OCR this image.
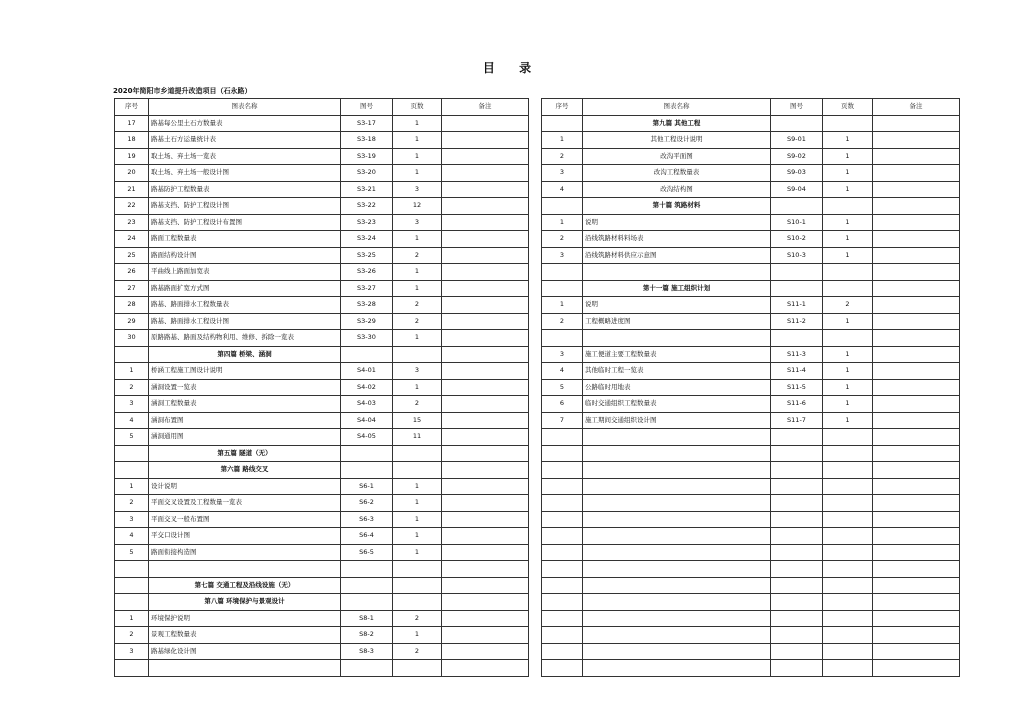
目 录
2020年简阳市乡道提升改造项目（石永路）
序号	图表名称	图号	页数	备注
17	路基每公里土石方数量表	S3-17	1	
18	路基土石方运量统计表	S3-18	1	
19	取土场、弃土场一览表	S3-19	1	
20	取土场、弃土场一般设计图	S3-20	1	
21	路基防护工程数量表	S3-21	3	
22	路基支挡、防护工程设计图	S3-22	12	
23	路基支挡、防护工程设计布置图	S3-23	3	
24	路面工程数量表	S3-24	1	
25	路面结构设计图	S3-25	2	
26	平曲线上路面加宽表	S3-26	1	
27	路基路面扩宽方式图	S3-27	1	
28	路基、路面排水工程数量表	S3-28	2	
29	路基、路面排水工程设计图	S3-29	2	
30	原路路基、路面及结构物利用、维修、拆除一览表	S3-30	1	
	第四篇 桥梁、涵洞			
1	桥涵工程施工图设计说明	S4-01	3	
2	涵洞设置一览表	S4-02	1	
3	涵洞工程数量表	S4-03	2	
4	涵洞布置图	S4-04	15	
5	涵洞通用图	S4-05	11	
	第五篇 隧道（无）			
	第六篇 路线交叉			
1	设计说明	S6-1	1	
2	平面交叉设置及工程数量一览表	S6-2	1	
3	平面交叉一般布置图	S6-3	1	
4	平交口设计图	S6-4	1	
5	路面衔接构造图	S6-5	1	

	第七篇 交通工程及沿线设施（无）			
	第八篇 环境保护与景观设计			
1	环境保护说明	S8-1	2	
2	景观工程数量表	S8-2	1	
3	路基绿化设计图	S8-3	2	

序号	图表名称	图号	页数	备注
	第九篇 其他工程			
1	其他工程设计说明	S9-01	1	
2	改沟平面图	S9-02	1	
3	改沟工程数量表	S9-03	1	
4	改沟结构图	S9-04	1	
	第十篇 筑路材料			
1	说明	S10-1	1	
2	沿线筑路材料料场表	S10-2	1	
3	沿线筑路材料供应示意图	S10-3	1	

	第十一篇 施工组织计划			
1	说明	S11-1	2	
2	工程概略进度图	S11-2	1	

3	施工便道主要工程数量表	S11-3	1	
4	其他临时工程一览表	S11-4	1	
5	公路临时用地表	S11-5	1	
6	临时交通组织工程数量表	S11-6	1	
7	施工期间交通组织设计图	S11-7	1	
